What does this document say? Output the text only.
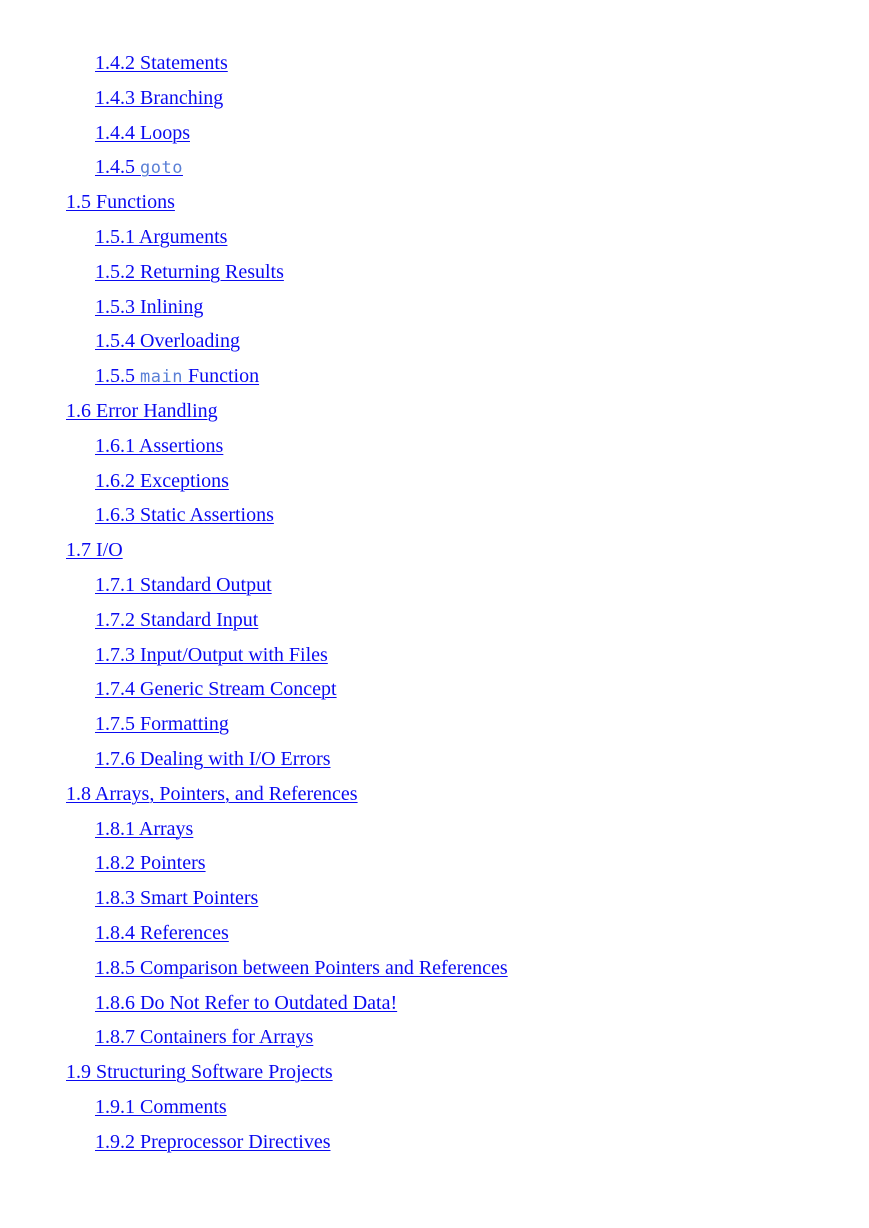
1.4.2 Statements
1.4.3 Branching
1.4.4 Loops
1.4.5 goto
1.5 Functions
1.5.1 Arguments
1.5.2 Returning Results
1.5.3 Inlining
1.5.4 Overloading
1.5.5 main Function
1.6 Error Handling
1.6.1 Assertions
1.6.2 Exceptions
1.6.3 Static Assertions
1.7 I/O
1.7.1 Standard Output
1.7.2 Standard Input
1.7.3 Input/Output with Files
1.7.4 Generic Stream Concept
1.7.5 Formatting
1.7.6 Dealing with I/O Errors
1.8 Arrays, Pointers, and References
1.8.1 Arrays
1.8.2 Pointers
1.8.3 Smart Pointers
1.8.4 References
1.8.5 Comparison between Pointers and References
1.8.6 Do Not Refer to Outdated Data!
1.8.7 Containers for Arrays
1.9 Structuring Software Projects
1.9.1 Comments
1.9.2 Preprocessor Directives
